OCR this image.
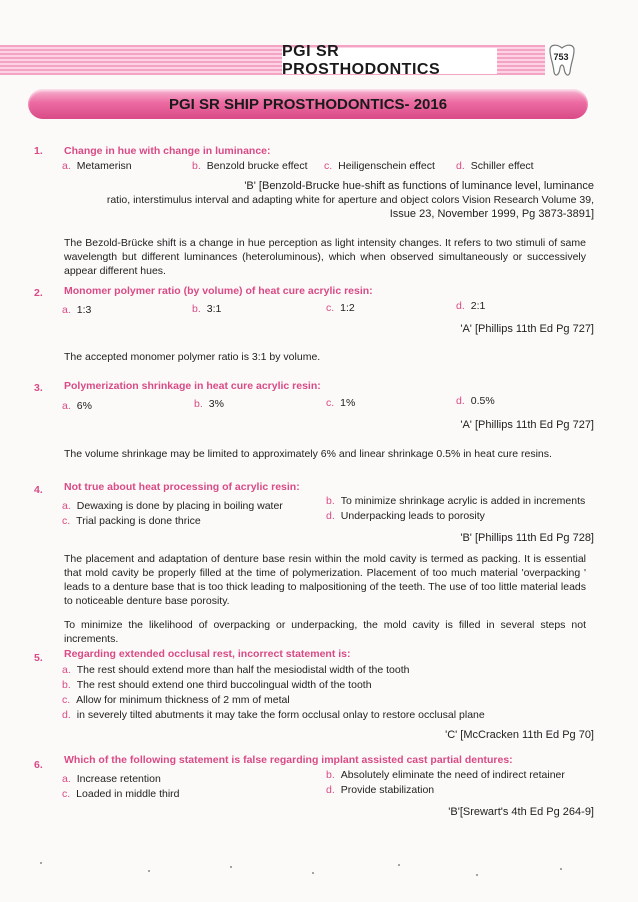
PGI SR PROSTHODONTICS
753
PGI SR SHIP PROSTHODONTICS- 2016
1. Change in hue with change in luminance:
a. Metamerisn	b. Benzold brucke effect c. Heiligenschein effect d. Schiller effect
'B' [Benzold-Brucke hue-shift as functions of luminance level, luminance
ratio, interstimulus interval and adapting white for aperture and object colors Vision Research Volume 39,
Issue 23, November 1999, Pg 3873-3891]
The Bezold-Brücke shift is a change in hue perception as light intensity changes. It refers to two stimuli of same wavelength but different luminances (heteroluminous), which when observed simultaneously or successively appear different hues.
2. Monomer polymer ratio (by volume) of heat cure acrylic resin:
a. 1:3	b. 3:1	c. 1:2	d. 2:1
'A' [Phillips 11th Ed Pg 727]
The accepted monomer polymer ratio is 3:1 by volume.
3. Polymerization shrinkage in heat cure acrylic resin:
a. 6%	b. 3%	c. 1%	d. 0.5%
'A' [Phillips 11th Ed Pg 727]
The volume shrinkage may be limited to approximately 6% and linear shrinkage 0.5% in heat cure resins.
4. Not true about heat processing of acrylic resin:
a. Dewaxing is done by placing in boiling water	b. To minimize shrinkage acrylic is added in increments
c. Trial packing is done thrice	d. Underpacking leads to porosity
'B' [Phillips 11th Ed Pg 728]
The placement and adaptation of denture base resin within the mold cavity is termed as packing. It is essential that mold cavity be properly filled at the time of polymerization. Placement of too much material 'overpacking ' leads to a denture base that is too thick leading to malpositioning of the teeth. The use of too little material leads to noticeable denture base porosity.
To minimize the likelihood of overpacking or underpacking, the mold cavity is filled in several steps not increments.
5. Regarding extended occlusal rest, incorrect statement is:
a. The rest should extend more than half the mesiodistal width of the tooth
b. The rest should extend one third buccolingual width of the tooth
c. Allow for minimum thickness of 2 mm of metal
d. in severely tilted abutments it may take the form occlusal onlay to restore occlusal plane
'C' [McCracken 11th Ed Pg 70]
6. Which of the following statement is false regarding implant assisted cast partial dentures:
a. Increase retention	b. Absolutely eliminate the need of indirect retainer
c. Loaded in middle third	d. Provide stabilization
'B'[Srewart's 4th Ed Pg 264-9]
